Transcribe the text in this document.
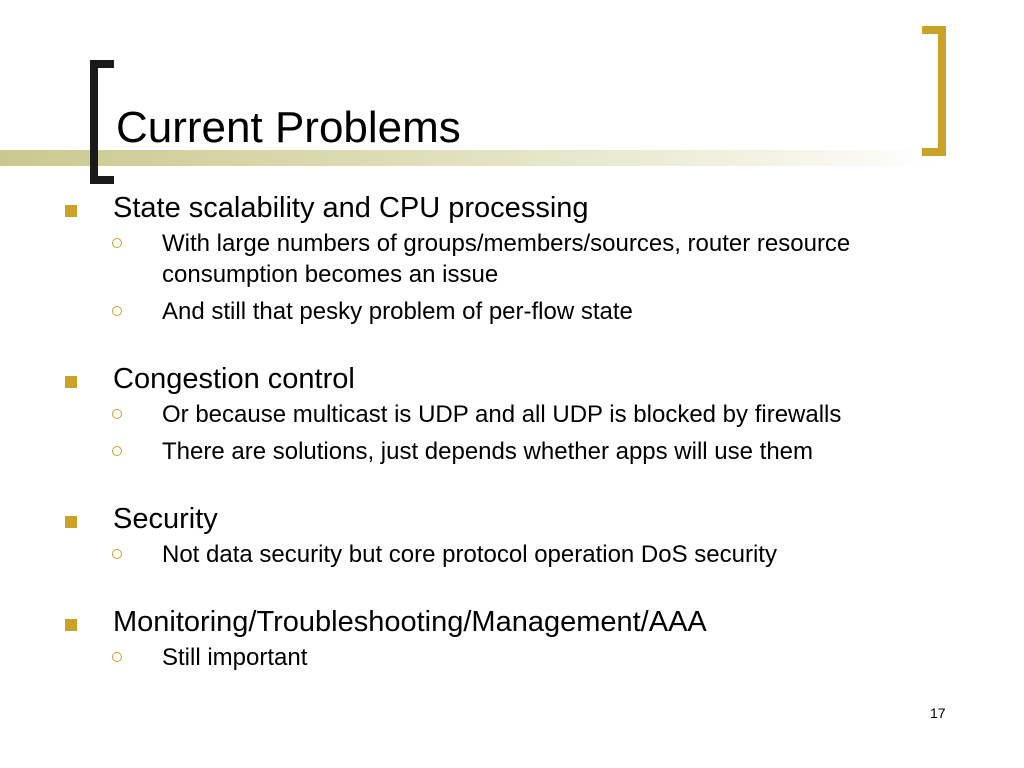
Current Problems
State scalability and CPU processing
With large numbers of groups/members/sources, router resource consumption becomes an issue
And still that pesky problem of per-flow state
Congestion control
Or because multicast is UDP and all UDP is blocked by firewalls
There are solutions, just depends whether apps will use them
Security
Not data security but core protocol operation DoS security
Monitoring/Troubleshooting/Management/AAA
Still important
17
